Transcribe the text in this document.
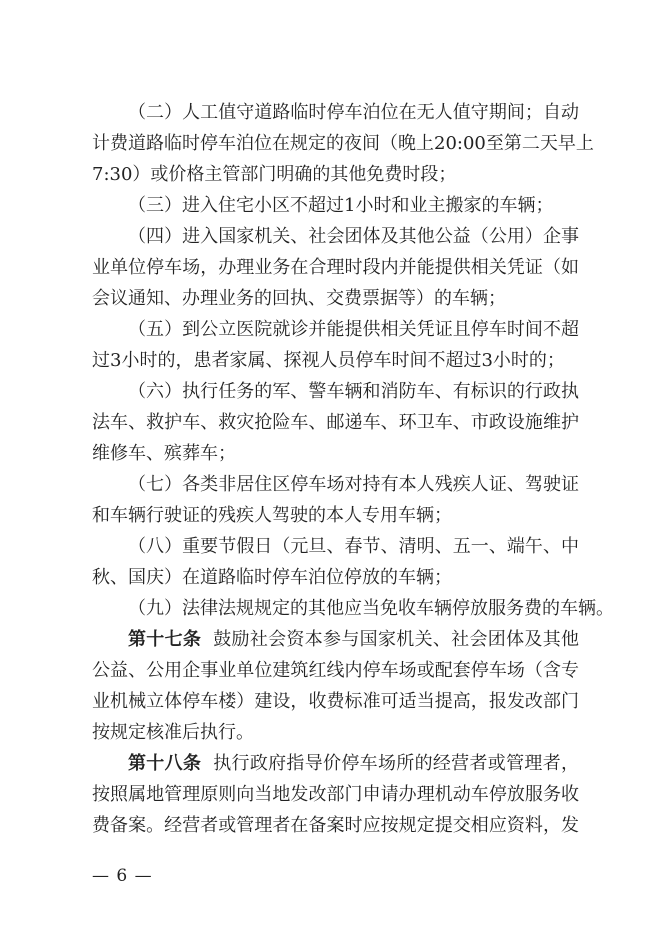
（二）人工值守道路临时停车泊位在无人值守期间；自动
计费道路临时停车泊位在规定的夜间（晚上20:00至第二天早上
7:30）或价格主管部门明确的其他免费时段；
（三）进入住宅小区不超过1小时和业主搬家的车辆；
（四）进入国家机关、社会团体及其他公益（公用）企事
业单位停车场，办理业务在合理时段内并能提供相关凭证（如
会议通知、办理业务的回执、交费票据等）的车辆；
（五）到公立医院就诊并能提供相关凭证且停车时间不超
过3小时的，患者家属、探视人员停车时间不超过3小时的；
（六）执行任务的军、警车辆和消防车、有标识的行政执
法车、救护车、救灾抢险车、邮递车、环卫车、市政设施维护
维修车、殡葬车；
（七）各类非居住区停车场对持有本人残疾人证、驾驶证
和车辆行驶证的残疾人驾驶的本人专用车辆；
（八）重要节假日（元旦、春节、清明、五一、端午、中
秋、国庆）在道路临时停车泊位停放的车辆；
（九）法律法规规定的其他应当免收车辆停放服务费的车辆。
第十七条 鼓励社会资本参与国家机关、社会团体及其他
公益、公用企事业单位建筑红线内停车场或配套停车场（含专
业机械立体停车楼）建设，收费标准可适当提高，报发改部门
按规定核准后执行。
第十八条 执行政府指导价停车场所的经营者或管理者，
按照属地管理原则向当地发改部门申请办理机动车停放服务收
费备案。经营者或管理者在备案时应按规定提交相应资料，发
— 6 —
